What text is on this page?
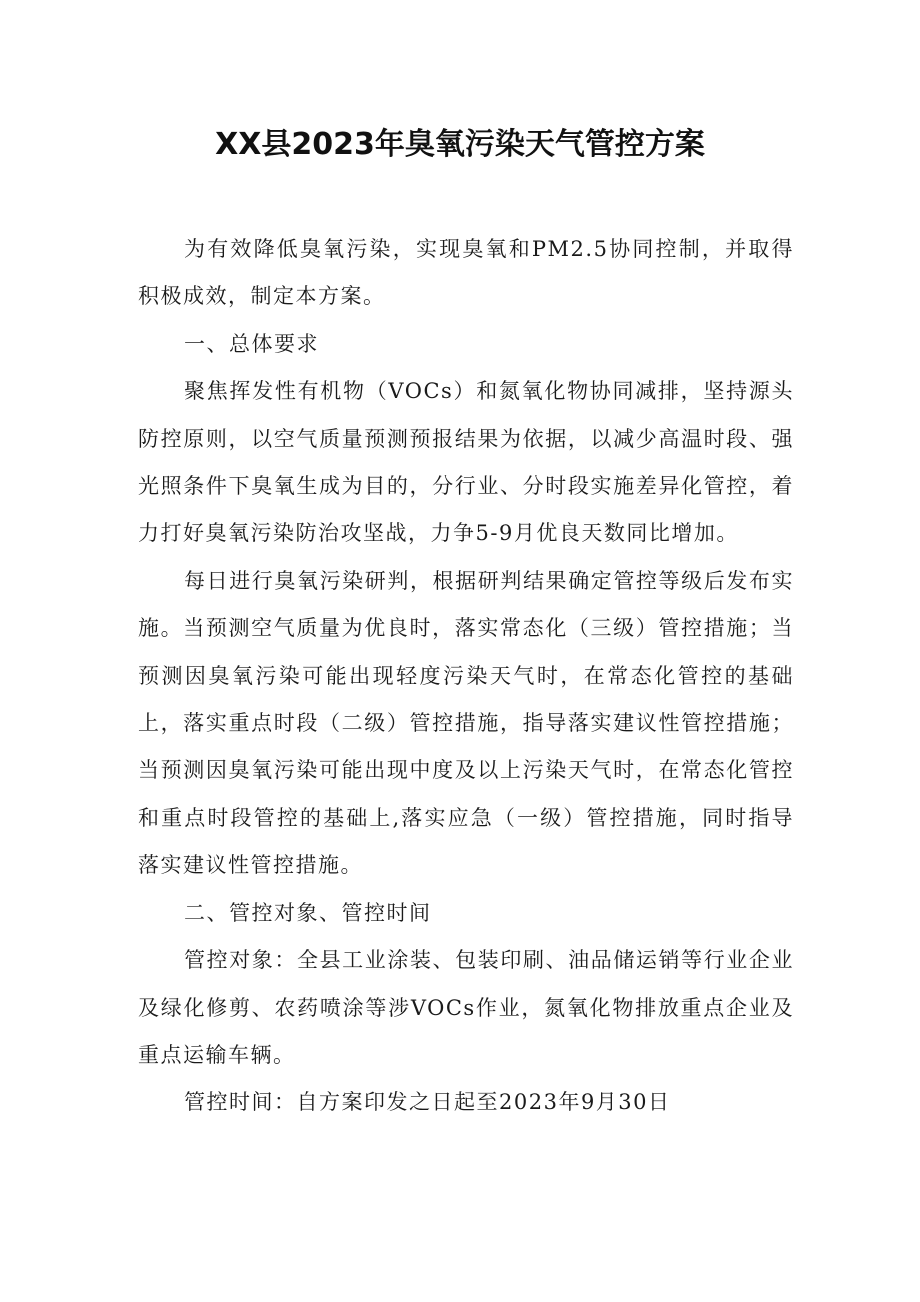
XX县2023年臭氧污染天气管控方案

为有效降低臭氧污染，实现臭氧和PM2.5协同控制，并取得积极成效，制定本方案。

一、总体要求

聚焦挥发性有机物（VOCs）和氮氧化物协同减排，坚持源头防控原则，以空气质量预测预报结果为依据，以减少高温时段、强光照条件下臭氧生成为目的，分行业、分时段实施差异化管控，着力打好臭氧污染防治攻坚战，力争5-9月优良天数同比增加。

每日进行臭氧污染研判，根据研判结果确定管控等级后发布实施。当预测空气质量为优良时，落实常态化（三级）管控措施；当预测因臭氧污染可能出现轻度污染天气时，在常态化管控的基础上，落实重点时段（二级）管控措施，指导落实建议性管控措施；当预测因臭氧污染可能出现中度及以上污染天气时，在常态化管控和重点时段管控的基础上,落实应急（一级）管控措施，同时指导落实建议性管控措施。

二、管控对象、管控时间

管控对象：全县工业涂装、包装印刷、油品储运销等行业企业及绿化修剪、农药喷涂等涉VOCs作业，氮氧化物排放重点企业及重点运输车辆。

管控时间：自方案印发之日起至2023年9月30日
